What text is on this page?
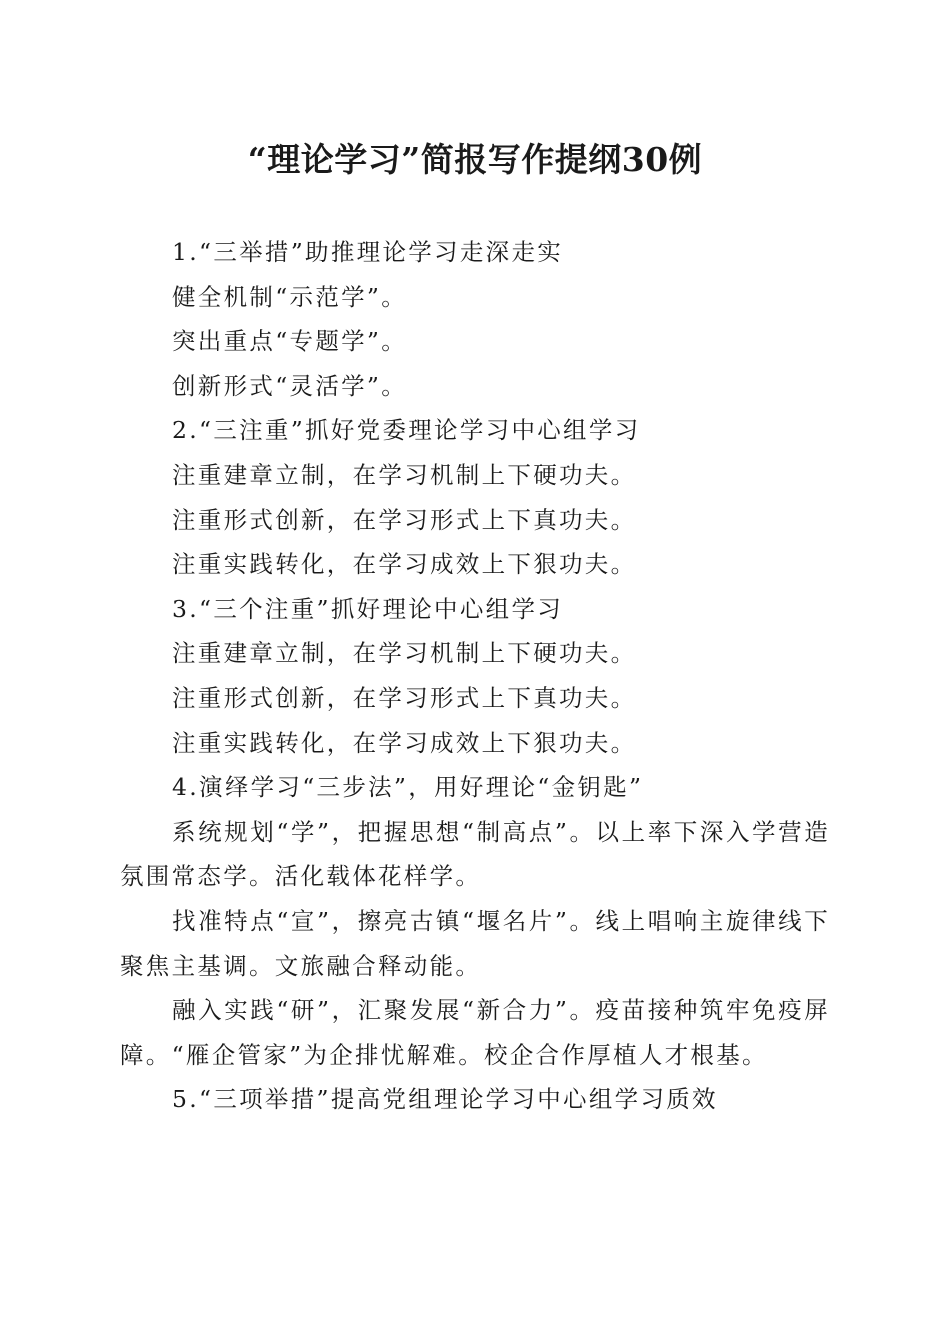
“理论学习”简报写作提纲30例

1.“三举措”助推理论学习走深走实

健全机制“示范学”。

突出重点“专题学”。

创新形式“灵活学”。

2.“三注重”抓好党委理论学习中心组学习

注重建章立制，在学习机制上下硬功夫。

注重形式创新，在学习形式上下真功夫。

注重实践转化，在学习成效上下狠功夫。

3.“三个注重”抓好理论中心组学习

注重建章立制，在学习机制上下硬功夫。

注重形式创新，在学习形式上下真功夫。

注重实践转化，在学习成效上下狠功夫。

4.演绎学习“三步法”，用好理论“金钥匙”

系统规划“学”，把握思想“制高点”。以上率下深入学营造氛围常态学。活化载体花样学。

找准特点“宣”，擦亮古镇“堰名片”。线上唱响主旋律线下聚焦主基调。文旅融合释动能。

融入实践“研”，汇聚发展“新合力”。疫苗接种筑牢免疫屏障。“雁企管家”为企排忧解难。校企合作厚植人才根基。

5.“三项举措”提高党组理论学习中心组学习质效
